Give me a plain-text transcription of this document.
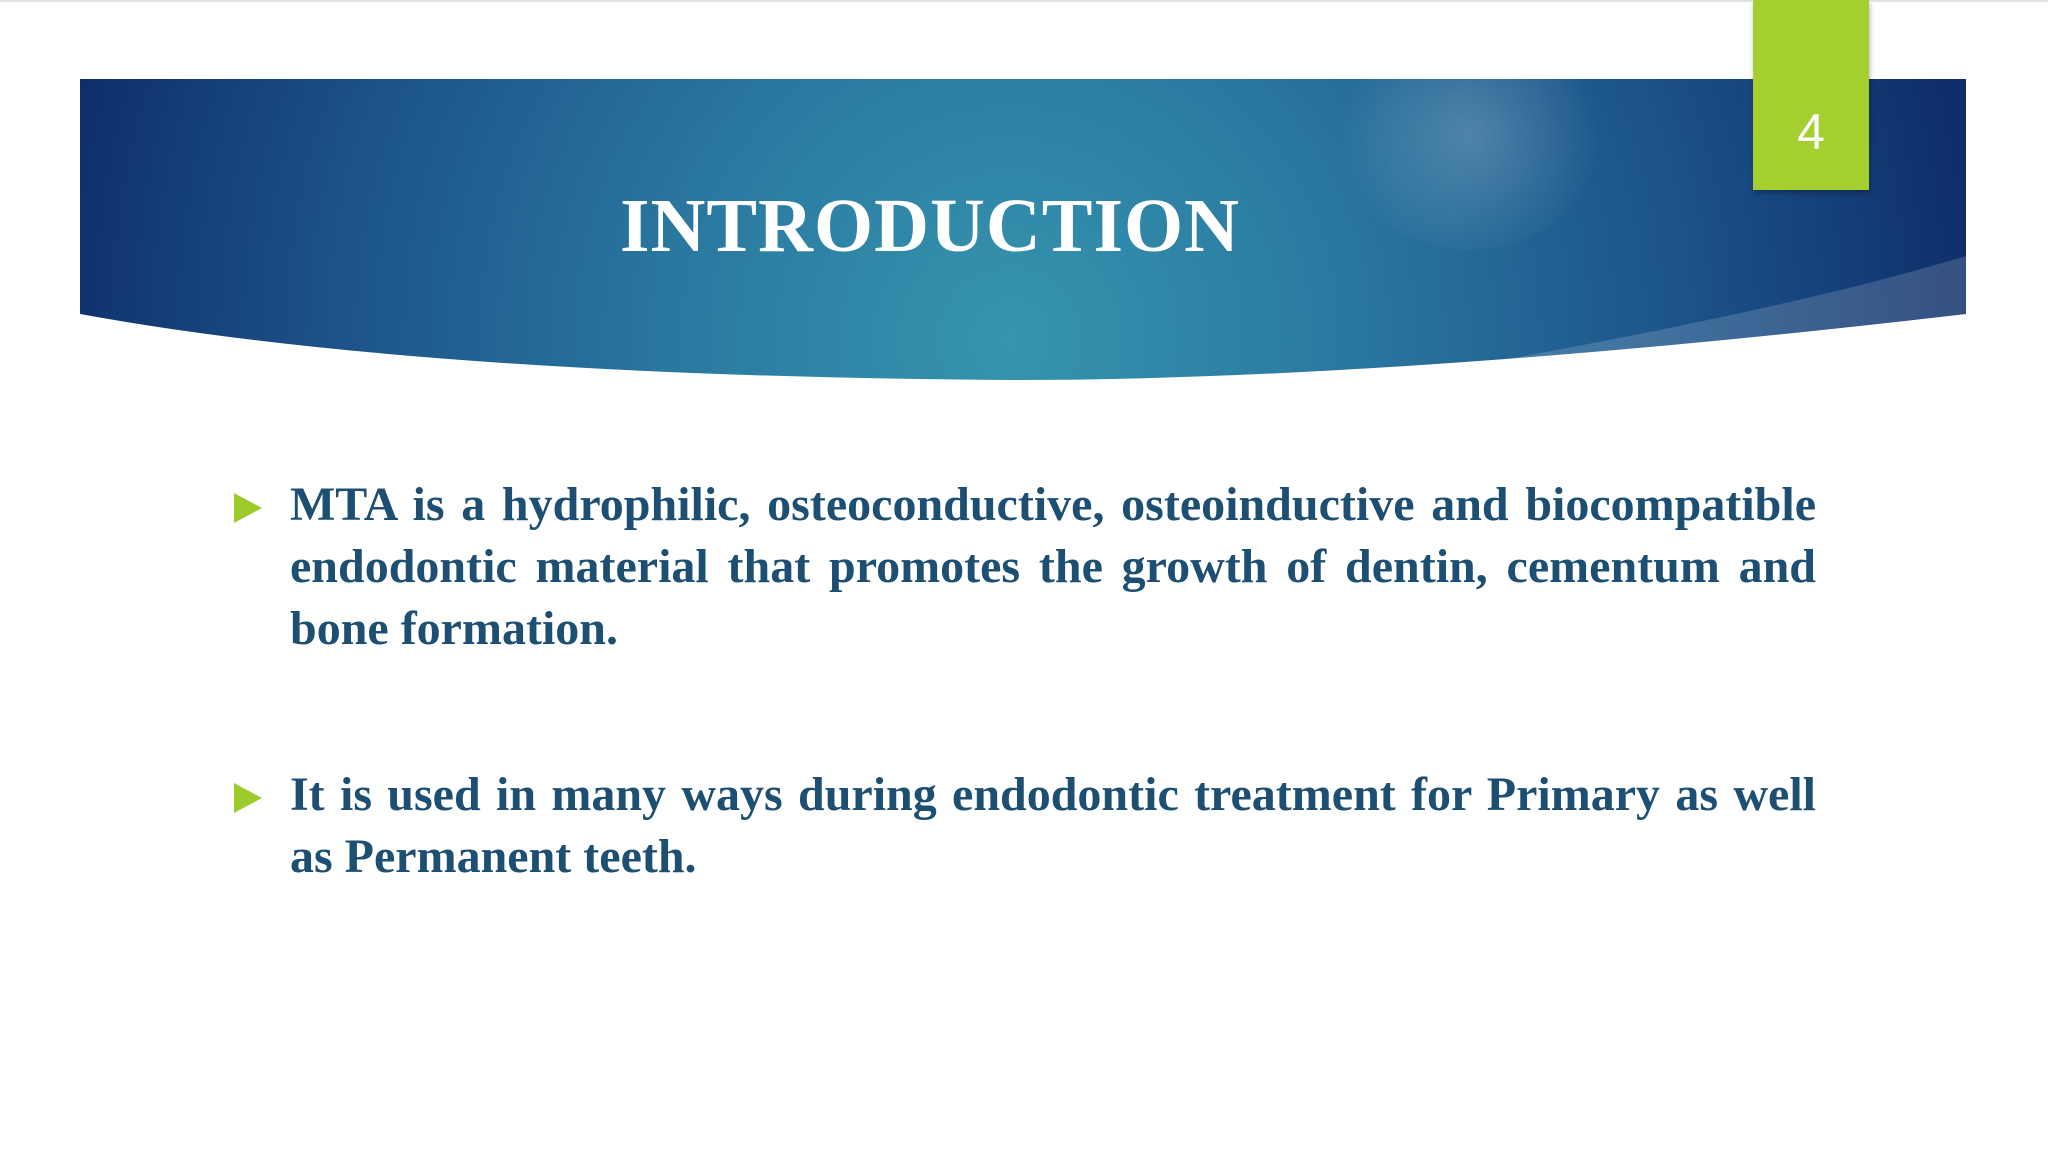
INTRODUCTION
4
MTA is a hydrophilic, osteoconductive, osteoinductive and biocompatible endodontic material that promotes the growth of dentin, cementum and bone formation.
It is used in many ways during endodontic treatment for Primary as well as Permanent teeth.
